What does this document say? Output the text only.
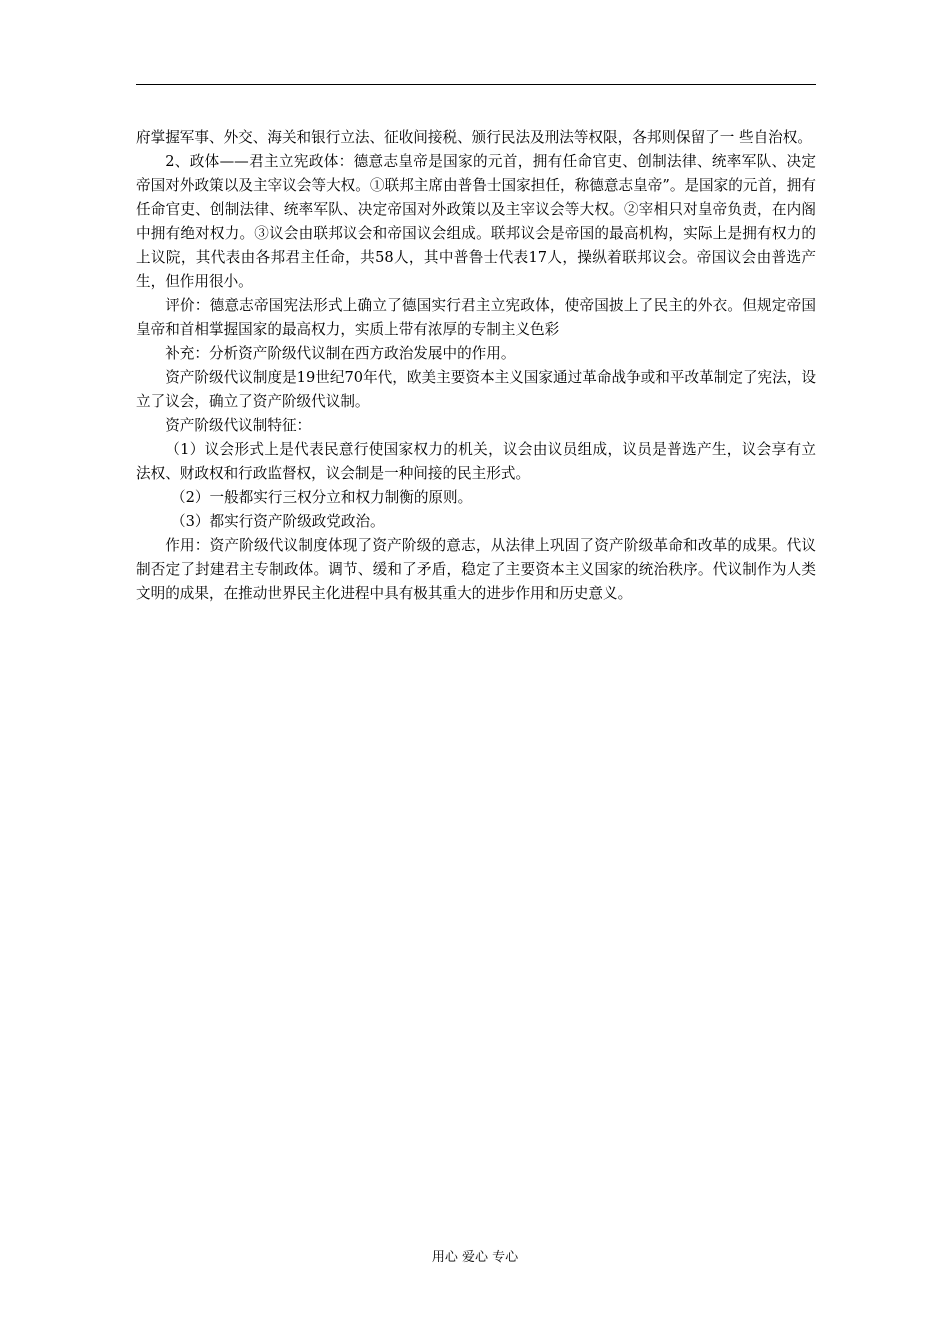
府掌握军事、外交、海关和银行立法、征收间接税、颁行民法及刑法等权限，各邦则保留了一 些自治权。

2、政体——君主立宪政体：德意志皇帝是国家的元首，拥有任命官吏、创制法律、统率军队、决定帝国对外政策以及主宰议会等大权。①联邦主席由普鲁士国家担任，称德意志皇帝”。是国家的元首，拥有任命官吏、创制法律、统率军队、决定帝国对外政策以及主宰议会等大权。②宰相只对皇帝负责，在内阁中拥有绝对权力。③议会由联邦议会和帝国议会组成。联邦议会是帝国的最高机构，实际上是拥有权力的上议院，其代表由各邦君主任命，共58人，其中普鲁士代表17人，操纵着联邦议会。帝国议会由普选产生，但作用很小。

评价：德意志帝国宪法形式上确立了德国实行君主立宪政体，使帝国披上了民主的外衣。但规定帝国皇帝和首相掌握国家的最高权力，实质上带有浓厚的专制主义色彩

补充：分析资产阶级代议制在西方政治发展中的作用。

资产阶级代议制度是19世纪70年代，欧美主要资本主义国家通过革命战争或和平改革制定了宪法，设立了议会，确立了资产阶级代议制。

资产阶级代议制特征：

（1）议会形式上是代表民意行使国家权力的机关，议会由议员组成，议员是普选产生，议会享有立法权、财政权和行政监督权，议会制是一种间接的民主形式。

（2）一般都实行三权分立和权力制衡的原则。

（3）都实行资产阶级政党政治。

作用：资产阶级代议制度体现了资产阶级的意志，从法律上巩固了资产阶级革命和改革的成果。代议制否定了封建君主专制政体。调节、缓和了矛盾，稳定了主要资本主义国家的统治秩序。代议制作为人类文明的成果，在推动世界民主化进程中具有极其重大的进步作用和历史意义。

用心 爱心 专心
